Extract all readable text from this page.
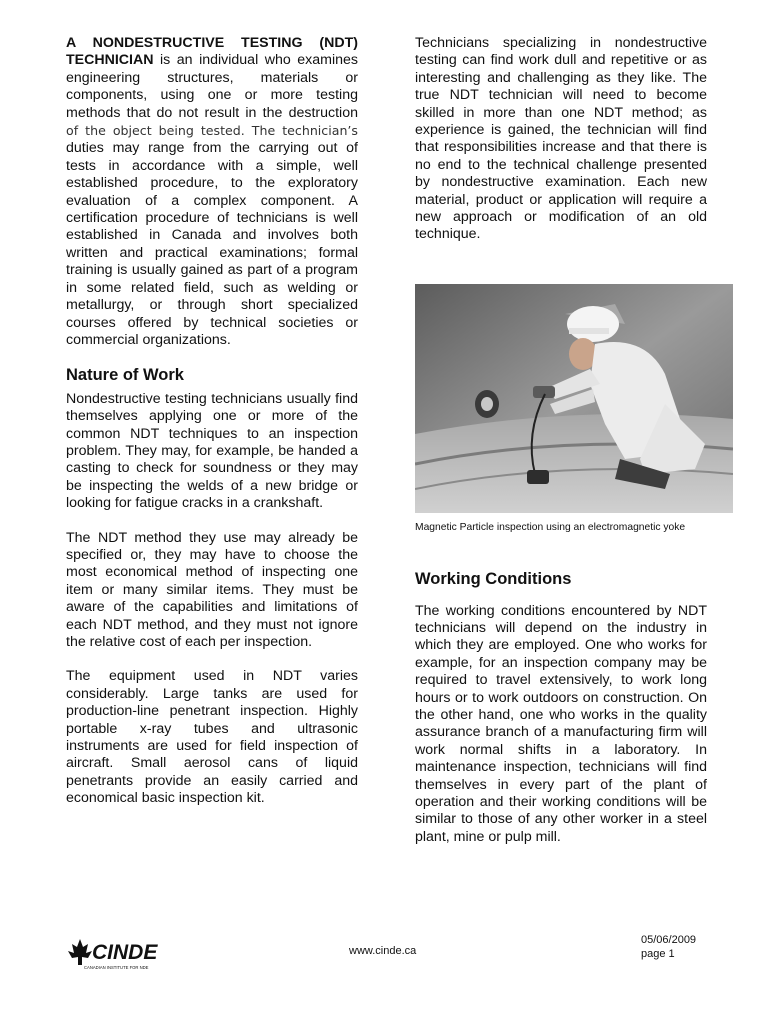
A NONDESTRUCTIVE TESTING (NDT) TECHNICIAN is an individual who examines engineering structures, materials or components, using one or more testing methods that do not result in the destruction of the object being tested. The technician’s duties may range from the carrying out of tests in accordance with a simple, well established procedure, to the exploratory evaluation of a complex component. A certification procedure of technicians is well established in Canada and involves both written and practical examinations; formal training is usually gained as part of a program in some related field, such as welding or metallurgy, or through short specialized courses offered by technical societies or commercial organizations.

Nature of Work

Nondestructive testing technicians usually find themselves applying one or more of the common NDT techniques to an inspection problem. They may, for example, be handed a casting to check for soundness or they may be inspecting the welds of a new bridge or looking for fatigue cracks in a crankshaft.

The NDT method they use may already be specified or, they may have to choose the most economical method of inspecting one item or many similar items. They must be aware of the capabilities and limitations of each NDT method, and they must not ignore the relative cost of each per inspection.

The equipment used in NDT varies considerably. Large tanks are used for production-line penetrant inspection. Highly portable x-ray tubes and ultrasonic instruments are used for field inspection of aircraft. Small aerosol cans of liquid penetrants provide an easily carried and economical basic inspection kit.

Technicians specializing in nondestructive testing can find work dull and repetitive or as interesting and challenging as they like. The true NDT technician will need to become skilled in more than one NDT method; as experience is gained, the technician will find that responsibilities increase and that there is no end to the technical challenge presented by nondestructive examination. Each new material, product or application will require a new approach or modification of an old technique.

Magnetic Particle inspection using an electromagnetic yoke
Working Conditions

The working conditions encountered by NDT technicians will depend on the industry in which they are employed. One who works for example, for an inspection company may be required to travel extensively, to work long hours or to work outdoors on construction. On the other hand, one who works in the quality assurance branch of a manufacturing firm will work normal shifts in a laboratory. In maintenance inspection, technicians will find themselves in every part of the plant of operation and their working conditions will be similar to those of any other worker in a steel plant, mine or pulp mill.

CINDE
CANADIAN INSTITUTE FOR NDE
www.cinde.ca
05/06/2009
page 1
